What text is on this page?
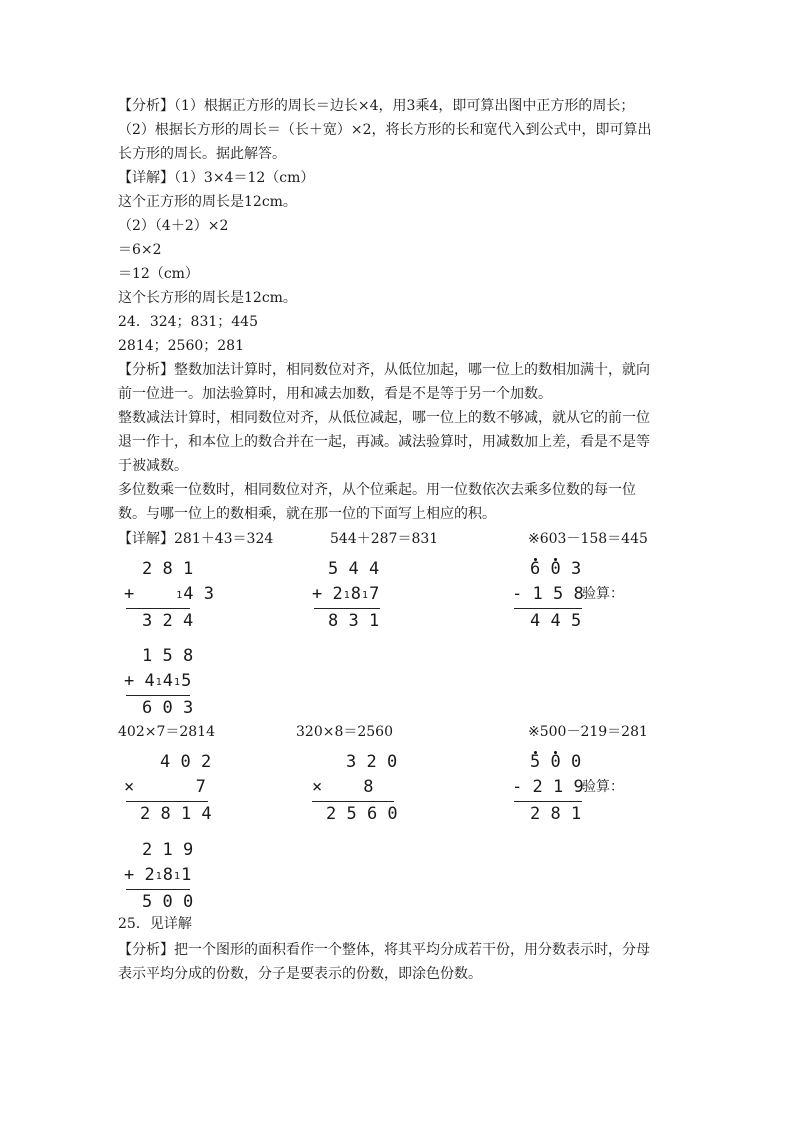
【分析】（1）根据正方形的周长＝边长×4，用3乘4，即可算出图中正方形的周长；
（2）根据长方形的周长＝（长＋宽）×2，将长方形的长和宽代入到公式中，即可算出
长方形的周长。据此解答。
【详解】（1）3×4＝12（cm）
这个正方形的周长是12cm。
（2）（4＋2）×2
＝6×2
＝12（cm）
这个长方形的周长是12cm。
24．324；831；445
2814；2560；281
【分析】整数加法计算时，相同数位对齐，从低位加起，哪一位上的数相加满十，就向
前一位进一。加法验算时，用和减去加数，看是不是等于另一个加数。
整数减法计算时，相同数位对齐，从低位减起，哪一位上的数不够减，就从它的前一位
退一作十，和本位上的数合并在一起，再减。减法验算时，用减数加上差，看是不是等
于被减数。
多位数乘一位数时，相同数位对齐，从个位乘起。用一位数依次去乘多位数的每一位
数。与哪一位上的数相乘，就在那一位的下面写上相应的积。
【详解】281＋43＝324	544＋287＝831	※603－158＝445
2 8 1
+	14 3
3 2 4
5 4 4
+ 21817
8 3 1
6 0 3
- 1 5 8
4 4 5
验算：
1 5 8
+ 41415
6 0 3
402×7＝2814	320×8＝2560	※500－219＝281
4 0 2
×	7
2 8 1 4
3 2 0
× 8
2 5 6 0
5 0 0
- 2 1 9
2 8 1
验算：
2 1 9
+ 21811
5 0 0
25．见详解
【分析】把一个图形的面积看作一个整体，将其平均分成若干份，用分数表示时，分母
表示平均分成的份数，分子是要表示的份数，即涂色份数。
